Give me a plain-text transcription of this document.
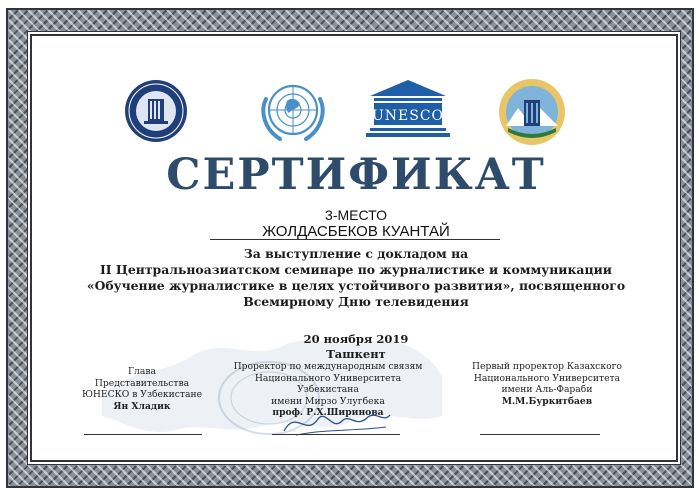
UNESCO
СЕРТИФИКАТ
3-МЕСТО
ЖОЛДАСБЕКОВ КУАНТАЙ
За выступление с докладом на
II Центральноазиатском семинаре по журналистике и коммуникации
«Обучение журналистике в целях устойчивого развития», посвященного
Всемирному Дню телевидения
20 ноября 2019
Ташкент
Глава
Представительства
ЮНЕСКО в Узбекистане
Ян Хладик
Проректор по международным связям
Национального Университета Узбекистана
имени Мирзо Улугбека
проф. Р.Х.Ширинова
Первый проректор Казахского
Национального Университета
имени Аль-Фараби
М.М.Буркитбаев
